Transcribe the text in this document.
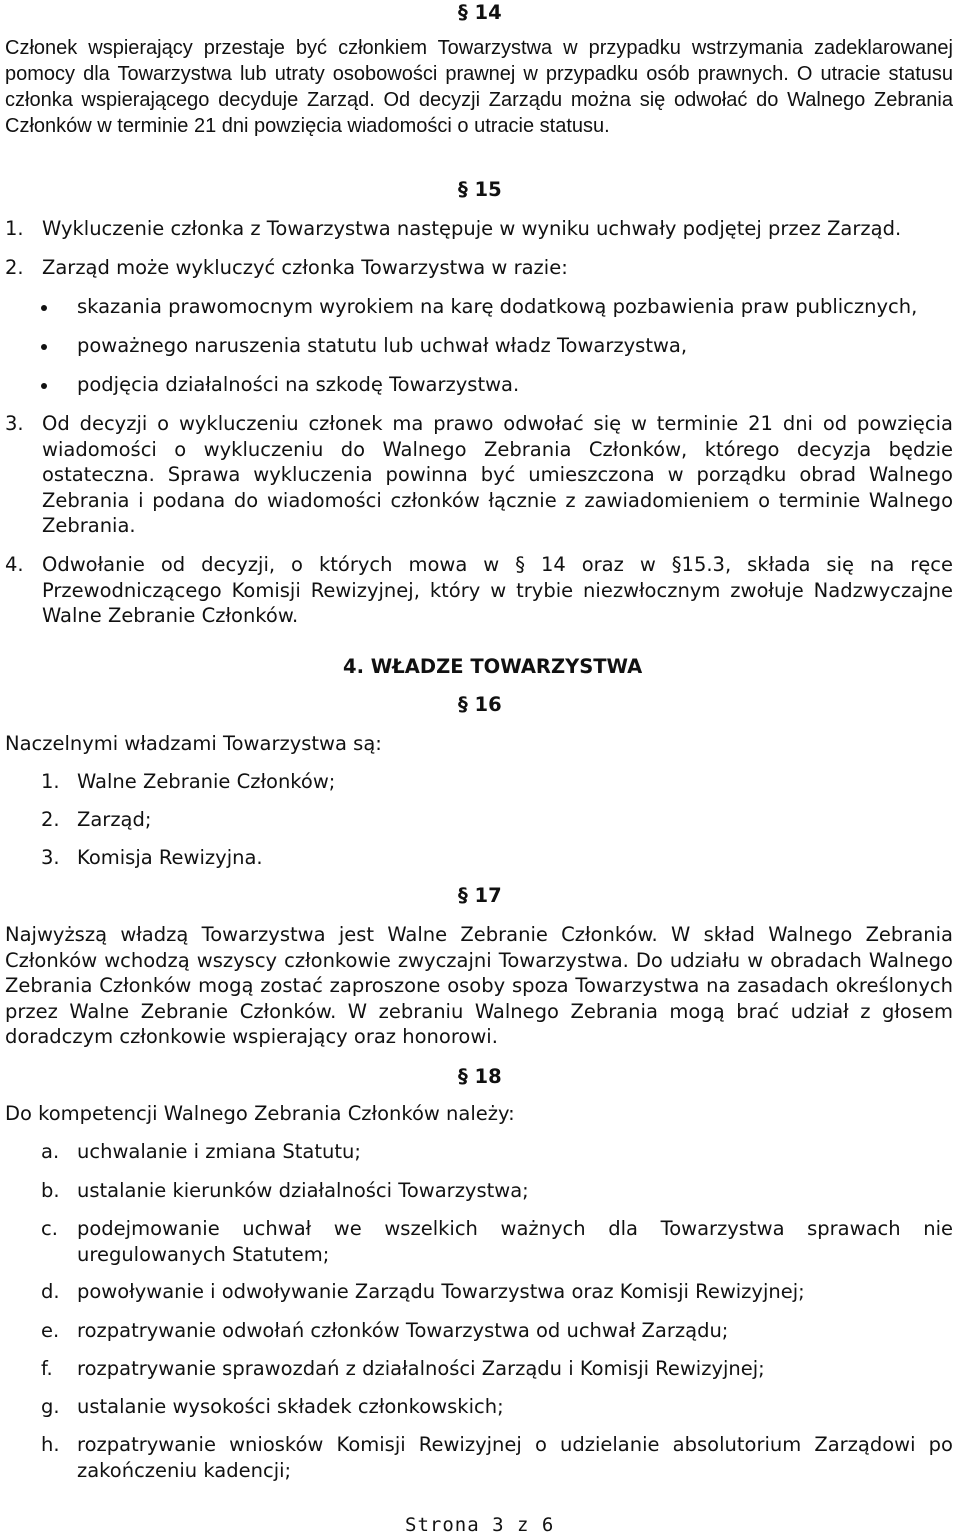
§ 14
Członek wspierający przestaje być członkiem Towarzystwa w przypadku wstrzymania zadeklarowanej pomocy dla Towarzystwa lub utraty osobowości prawnej w przypadku osób prawnych. O utracie statusu członka wspierającego decyduje Zarząd. Od decyzji Zarządu można się odwołać do Walnego Zebrania Członków w terminie 21 dni powzięcia wiadomości o utracie statusu.
§ 15
1. Wykluczenie członka z Towarzystwa następuje w wyniku uchwały podjętej przez Zarząd.
2. Zarząd może wykluczyć członka Towarzystwa w razie:
skazania prawomocnym wyrokiem na karę dodatkową pozbawienia praw publicznych,
poważnego naruszenia statutu lub uchwał władz Towarzystwa,
podjęcia działalności na szkodę Towarzystwa.
3. Od decyzji o wykluczeniu członek ma prawo odwołać się w terminie 21 dni od powzięcia wiadomości o wykluczeniu do Walnego Zebrania Członków, którego decyzja będzie ostateczna. Sprawa wykluczenia powinna być umieszczona w porządku obrad Walnego Zebrania i podana do wiadomości członków łącznie z zawiadomieniem o terminie Walnego Zebrania.
4. Odwołanie od decyzji, o których mowa w § 14 oraz w §15.3, składa się na ręce Przewodniczącego Komisji Rewizyjnej, który w trybie niezwłocznym zwołuje Nadzwyczajne Walne Zebranie Członków.
4. WŁADZE TOWARZYSTWA
§ 16
Naczelnymi władzami Towarzystwa są:
1. Walne Zebranie Członków;
2. Zarząd;
3. Komisja Rewizyjna.
§ 17
Najwyższą władzą Towarzystwa jest Walne Zebranie Członków. W skład Walnego Zebrania Członków wchodzą wszyscy członkowie zwyczajni Towarzystwa. Do udziału w obradach Walnego Zebrania Członków mogą zostać zaproszone osoby spoza Towarzystwa na zasadach określonych przez Walne Zebranie Członków. W zebraniu Walnego Zebrania mogą brać udział z głosem doradczym członkowie wspierający oraz honorowi.
§ 18
Do kompetencji Walnego Zebrania Członków należy:
a. uchwalanie i zmiana Statutu;
b. ustalanie kierunków działalności Towarzystwa;
c. podejmowanie uchwał we wszelkich ważnych dla Towarzystwa sprawach nie uregulowanych Statutem;
d. powoływanie i odwoływanie Zarządu Towarzystwa oraz Komisji Rewizyjnej;
e. rozpatrywanie odwołań członków Towarzystwa od uchwał Zarządu;
f. rozpatrywanie sprawozdań z działalności Zarządu i Komisji Rewizyjnej;
g. ustalanie wysokości składek członkowskich;
h. rozpatrywanie wniosków Komisji Rewizyjnej o udzielanie absolutorium Zarządowi po zakończeniu kadencji;
Strona 3 z 6
